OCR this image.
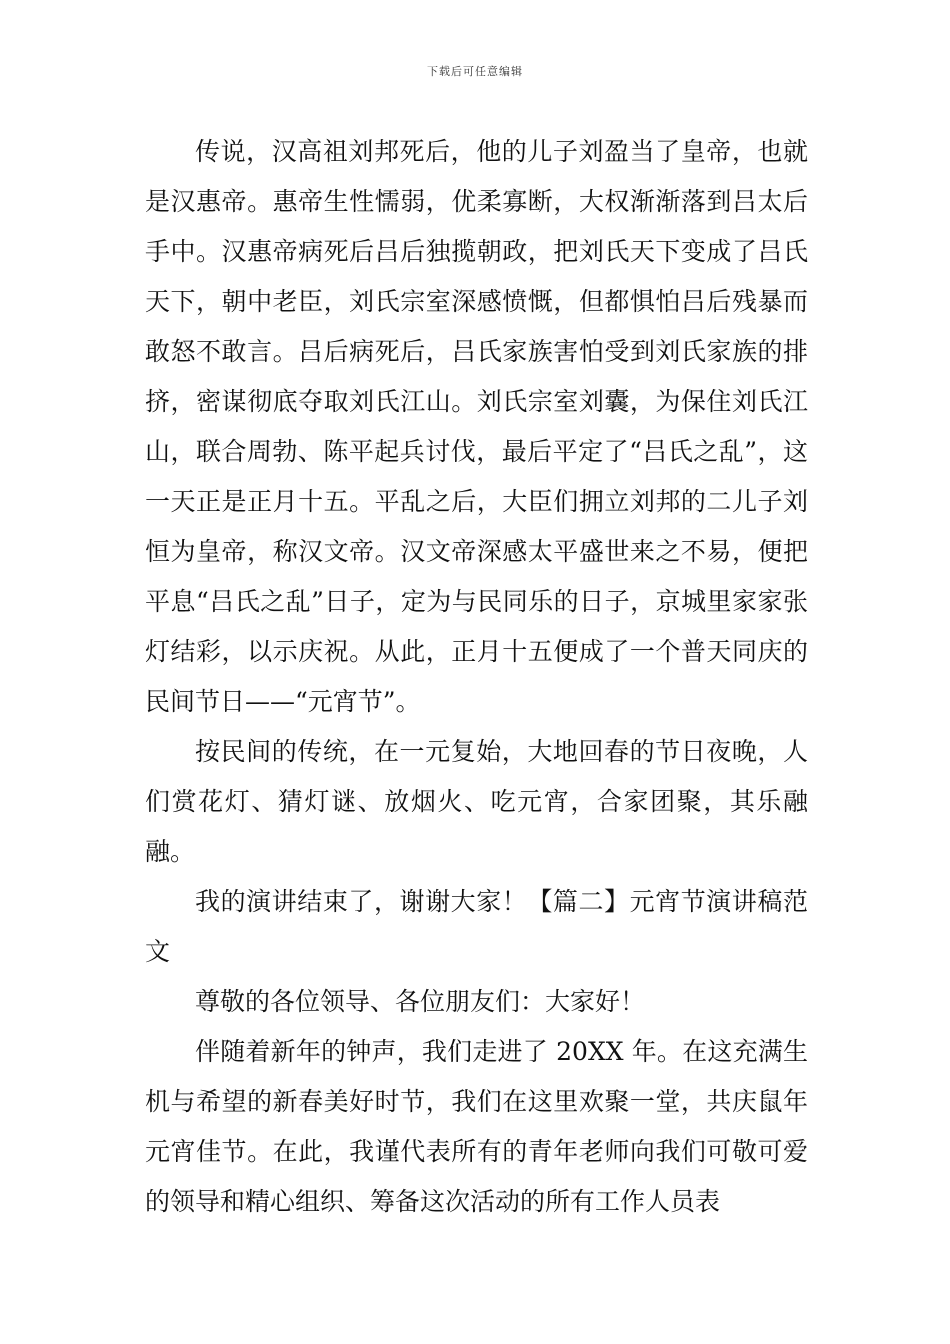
下载后可任意编辑

传说，汉高祖刘邦死后，他的儿子刘盈当了皇帝，也就是汉惠帝。惠帝生性懦弱，优柔寡断，大权渐渐落到吕太后手中。汉惠帝病死后吕后独揽朝政，把刘氏天下变成了吕氏天下，朝中老臣，刘氏宗室深感愤慨，但都惧怕吕后残暴而敢怒不敢言。吕后病死后，吕氏家族害怕受到刘氏家族的排挤，密谋彻底夺取刘氏江山。刘氏宗室刘囊，为保住刘氏江山，联合周勃、陈平起兵讨伐，最后平定了“吕氏之乱”，这一天正是正月十五。平乱之后，大臣们拥立刘邦的二儿子刘恒为皇帝，称汉文帝。汉文帝深感太平盛世来之不易，便把平息“吕氏之乱”日子，定为与民同乐的日子，京城里家家张灯结彩，以示庆祝。从此，正月十五便成了一个普天同庆的民间节日——“元宵节”。

按民间的传统，在一元复始，大地回春的节日夜晚，人们赏花灯、猜灯谜、放烟火、吃元宵，合家团聚，其乐融融。

我的演讲结束了，谢谢大家！【篇二】元宵节演讲稿范文

尊敬的各位领导、各位朋友们：大家好！

伴随着新年的钟声，我们走进了 20XX 年。在这充满生机与希望的新春美好时节，我们在这里欢聚一堂，共庆鼠年元宵佳节。在此，我谨代表所有的青年老师向我们可敬可爱的领导和精心组织、筹备这次活动的所有工作人员表
